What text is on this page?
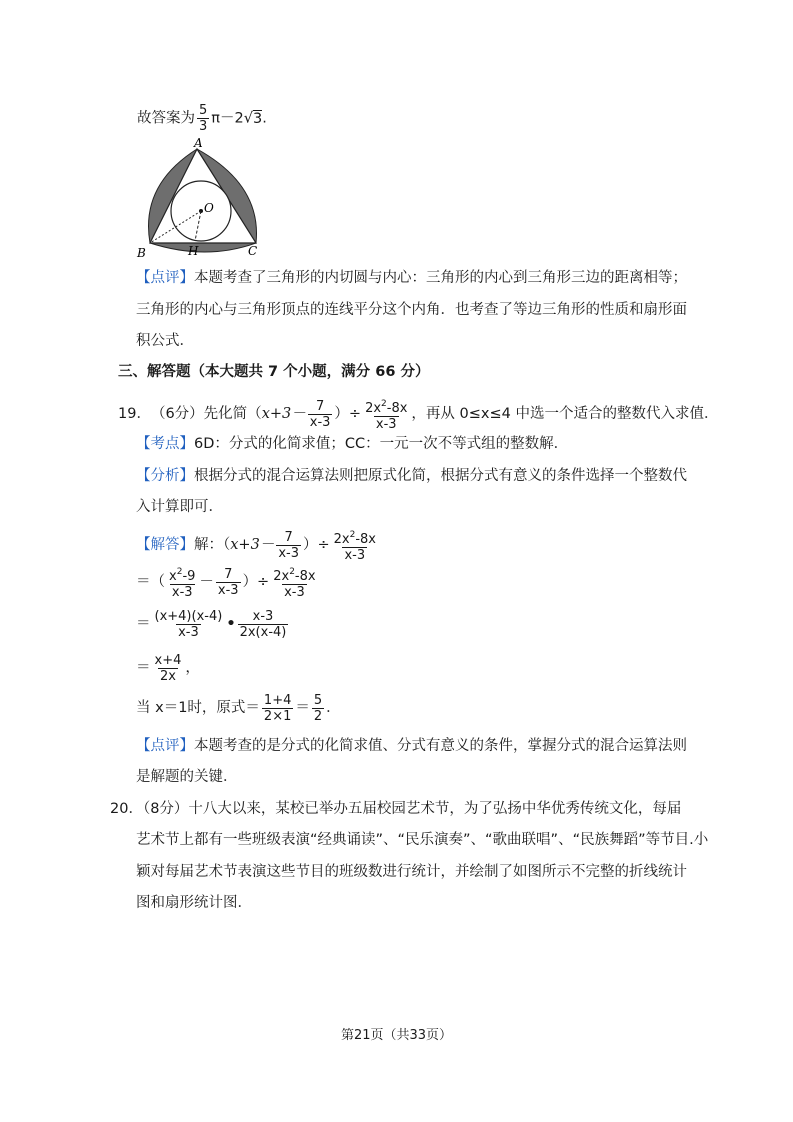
故答案为 $\frac{5}{3} \pi-2√3$.
A
B	C
O
H
【点评】本题考查了三角形的内切圆与内心：三角形的内心到三角形三边的距离相等；
三角形的内心与三角形顶点的连线平分这个内角．也考查了等边三角形的性质和扇形面
积公式．
三、解答题（本大题共 7 个小题，满分 66 分）
19． （6分）先化简（ $x+3- \frac{7}{x-3}$ ）÷ $\frac{2x^2-8x}{x-3}$ ，再从 0≤x≤4 中选一个适合的整数代入求值．
【考点】6D：分式的化简求值；CC：一元一次不等式组的整数解．
【分析】根据分式的混合运算法则把原式化简，根据分式有意义的条件选择一个整数代
入计算即可．
【解答】 解：（ $x+3- \frac{7}{x-3}$ ）÷ $\frac{2x^2-8x}{x-3}$
＝（ $\frac{x^2-9}{x-3} - \frac{7}{x-3}$ ）÷ $\frac{2x^2-8x}{x-3}$
＝ $\frac{(x+4)(x-4)}{x-3}$ • $\frac{x-3}{2x(x-4)}$
＝ $\frac{x+4}{2x}$ ，
当 x＝1时，原式＝ $\frac{1+4}{2\times 1} = \frac{5}{2}$ ．
【点评】本题考查的是分式的化简求值、分式有意义的条件，掌握分式的混合运算法则
是解题的关键．
20．（8分）十八大以来，某校已举办五届校园艺术节，为了弘扬中华优秀传统文化，每届
艺术节上都有一些班级表演“经典诵读”、“民乐演奏”、“歌曲联唱”、“民族舞蹈”等节目.小
颖对每届艺术节表演这些节目的班级数进行统计，并绘制了如图所示不完整的折线统计
图和扇形统计图．
第21页（共33页）
